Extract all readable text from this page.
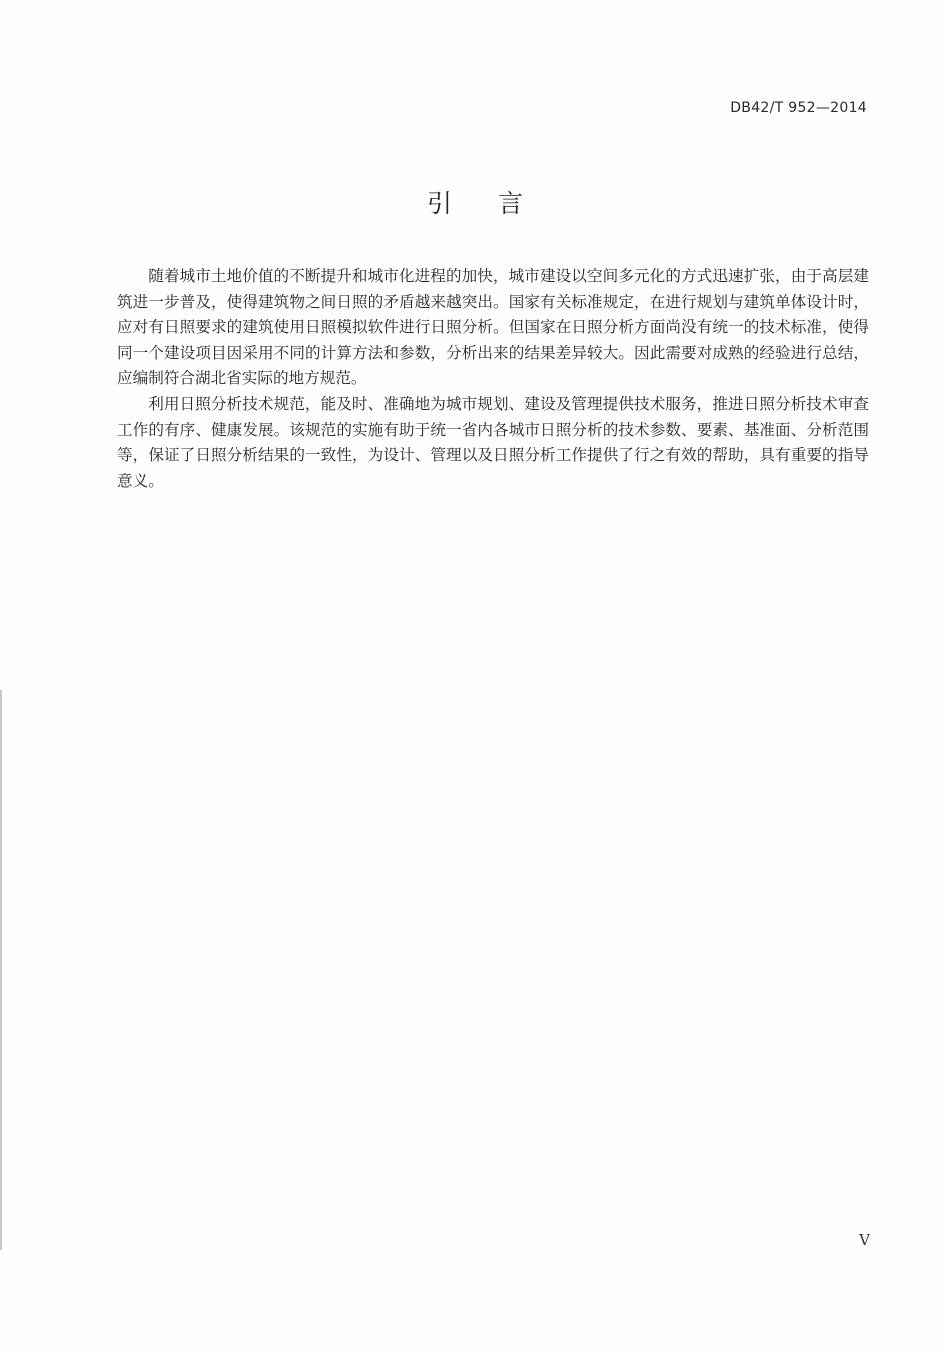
DB42/T 952—2014
引言

随着城市土地价值的不断提升和城市化进程的加快，城市建设以空间多元化的方式迅速扩张，由于高层建筑进一步普及，使得建筑物之间日照的矛盾越来越突出。国家有关标准规定，在进行规划与建筑单体设计时，应对有日照要求的建筑使用日照模拟软件进行日照分析。但国家在日照分析方面尚没有统一的技术标准，使得同一个建设项目因采用不同的计算方法和参数，分析出来的结果差异较大。因此需要对成熟的经验进行总结，应编制符合湖北省实际的地方规范。

利用日照分析技术规范，能及时、准确地为城市规划、建设及管理提供技术服务，推进日照分析技术审查工作的有序、健康发展。该规范的实施有助于统一省内各城市日照分析的技术参数、要素、基准面、分析范围等，保证了日照分析结果的一致性，为设计、管理以及日照分析工作提供了行之有效的帮助，具有重要的指导意义。

V
